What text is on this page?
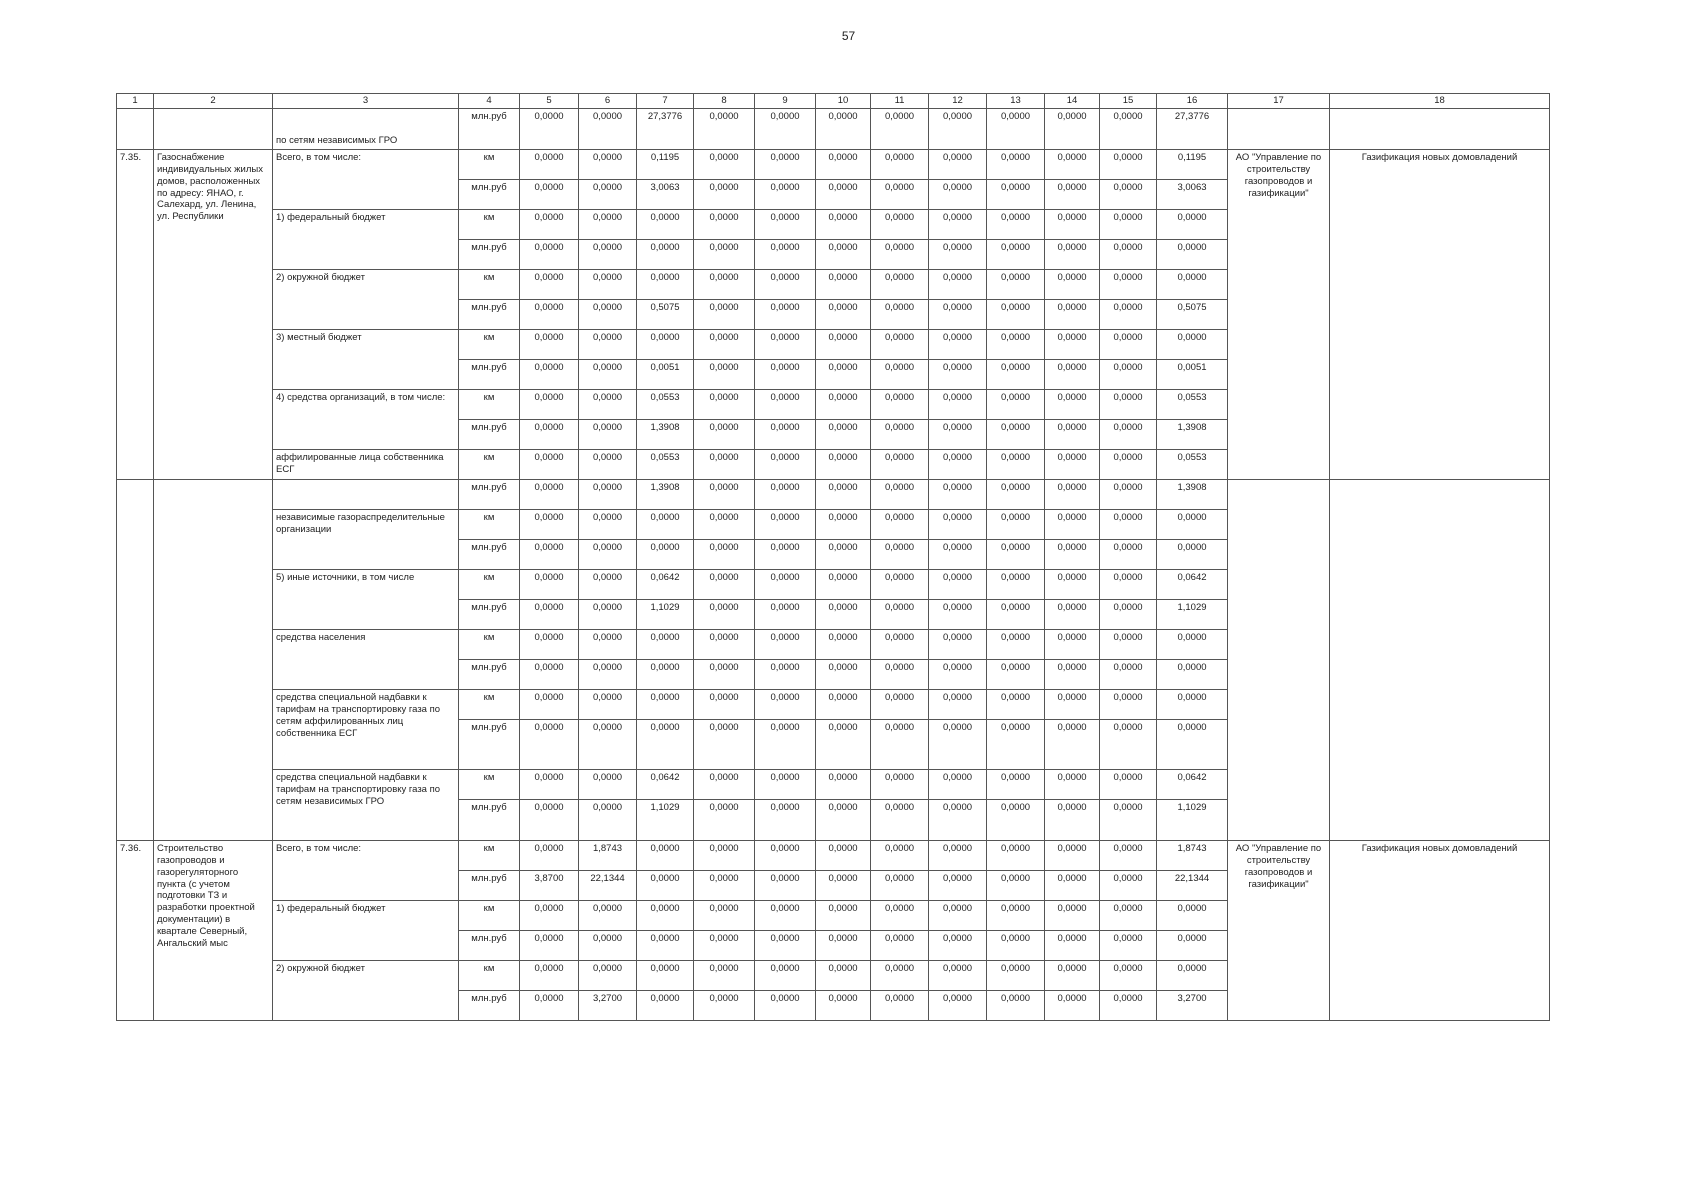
57
1	2	3	4	5	6	7	8	9	10	11	12	13	14	15	16	17	18
		по сетям независимых ГРО	млн.руб	0,0000	0,0000	27,3776	0,0000	0,0000	0,0000	0,0000	0,0000	0,0000	0,0000	0,0000	27,3776		
7.35.	Газоснабжение индивидуальных жилых домов, расположенных по адресу: ЯНАО, г. Салехард, ул. Ленина, ул. Республики	Всего, в том числе:	км	0,0000	0,0000	0,1195	0,0000	0,0000	0,0000	0,0000	0,0000	0,0000	0,0000	0,0000	0,1195	АО "Управление по строительству газопроводов и газификации"	Газификация новых домовладений
			млн.руб	0,0000	0,0000	3,0063	0,0000	0,0000	0,0000	0,0000	0,0000	0,0000	0,0000	0,0000	3,0063		
		1) федеральный бюджет	км	0,0000	0,0000	0,0000	0,0000	0,0000	0,0000	0,0000	0,0000	0,0000	0,0000	0,0000	0,0000		
			млн.руб	0,0000	0,0000	0,0000	0,0000	0,0000	0,0000	0,0000	0,0000	0,0000	0,0000	0,0000	0,0000		
		2) окружной бюджет	км	0,0000	0,0000	0,0000	0,0000	0,0000	0,0000	0,0000	0,0000	0,0000	0,0000	0,0000	0,0000		
			млн.руб	0,0000	0,0000	0,5075	0,0000	0,0000	0,0000	0,0000	0,0000	0,0000	0,0000	0,0000	0,5075		
		3) местный бюджет	км	0,0000	0,0000	0,0000	0,0000	0,0000	0,0000	0,0000	0,0000	0,0000	0,0000	0,0000	0,0000		
			млн.руб	0,0000	0,0000	0,0051	0,0000	0,0000	0,0000	0,0000	0,0000	0,0000	0,0000	0,0000	0,0051		
		4) средства организаций, в том числе:	км	0,0000	0,0000	0,0553	0,0000	0,0000	0,0000	0,0000	0,0000	0,0000	0,0000	0,0000	0,0553		
			млн.руб	0,0000	0,0000	1,3908	0,0000	0,0000	0,0000	0,0000	0,0000	0,0000	0,0000	0,0000	1,3908		
		аффилированные лица собственника ЕСГ	км	0,0000	0,0000	0,0553	0,0000	0,0000	0,0000	0,0000	0,0000	0,0000	0,0000	0,0000	0,0553		
			млн.руб	0,0000	0,0000	1,3908	0,0000	0,0000	0,0000	0,0000	0,0000	0,0000	0,0000	0,0000	1,3908		
		независимые газораспределительные организации	км	0,0000	0,0000	0,0000	0,0000	0,0000	0,0000	0,0000	0,0000	0,0000	0,0000	0,0000	0,0000		
			млн.руб	0,0000	0,0000	0,0000	0,0000	0,0000	0,0000	0,0000	0,0000	0,0000	0,0000	0,0000	0,0000		
		5) иные источники, в том числе	км	0,0000	0,0000	0,0642	0,0000	0,0000	0,0000	0,0000	0,0000	0,0000	0,0000	0,0000	0,0642		
			млн.руб	0,0000	0,0000	1,1029	0,0000	0,0000	0,0000	0,0000	0,0000	0,0000	0,0000	0,0000	1,1029		
		средства населения	км	0,0000	0,0000	0,0000	0,0000	0,0000	0,0000	0,0000	0,0000	0,0000	0,0000	0,0000	0,0000		
			млн.руб	0,0000	0,0000	0,0000	0,0000	0,0000	0,0000	0,0000	0,0000	0,0000	0,0000	0,0000	0,0000		
		средства специальной надбавки к тарифам на транспортировку газа по сетям аффилированных лиц собственника ЕСГ	км	0,0000	0,0000	0,0000	0,0000	0,0000	0,0000	0,0000	0,0000	0,0000	0,0000	0,0000	0,0000		
			млн.руб	0,0000	0,0000	0,0000	0,0000	0,0000	0,0000	0,0000	0,0000	0,0000	0,0000	0,0000	0,0000		
		средства специальной надбавки к тарифам на транспортировку газа по сетям независимых ГРО	км	0,0000	0,0000	0,0642	0,0000	0,0000	0,0000	0,0000	0,0000	0,0000	0,0000	0,0000	0,0642		
			млн.руб	0,0000	0,0000	1,1029	0,0000	0,0000	0,0000	0,0000	0,0000	0,0000	0,0000	0,0000	1,1029		
7.36.	Строительство газопроводов и газорегуляторного пункта (с учетом подготовки ТЗ и разработки проектной документации) в квартале Северный, Ангальский мыс	Всего, в том числе:	км	0,0000	1,8743	0,0000	0,0000	0,0000	0,0000	0,0000	0,0000	0,0000	0,0000	0,0000	1,8743	АО "Управление по строительству газопроводов и газификации"	Газификация новых домовладений
			млн.руб	3,8700	22,1344	0,0000	0,0000	0,0000	0,0000	0,0000	0,0000	0,0000	0,0000	0,0000	22,1344		
		1) федеральный бюджет	км	0,0000	0,0000	0,0000	0,0000	0,0000	0,0000	0,0000	0,0000	0,0000	0,0000	0,0000	0,0000		
			млн.руб	0,0000	0,0000	0,0000	0,0000	0,0000	0,0000	0,0000	0,0000	0,0000	0,0000	0,0000	0,0000		
		2) окружной бюджет	км	0,0000	0,0000	0,0000	0,0000	0,0000	0,0000	0,0000	0,0000	0,0000	0,0000	0,0000	0,0000		
			млн.руб	0,0000	3,2700	0,0000	0,0000	0,0000	0,0000	0,0000	0,0000	0,0000	0,0000	0,0000	3,2700		
